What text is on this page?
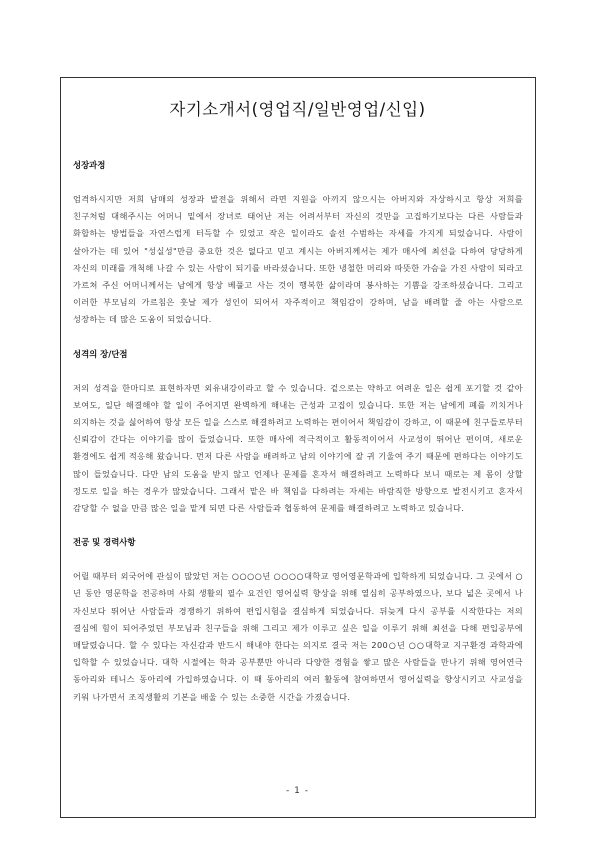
자기소개서(영업직/일반영업/신입)
성장과정

엄격하시지만 저희 남매의 성장과 발전을 위해서 라면 지원을 아끼지 않으시는 아버지와 자상하시고 항상 저희를 친구처럼 대해주시는 어머니 밑에서 장녀로 태어난 저는 어려서부터 자신의 것만을 고집하기보다는 다른 사람들과 화합하는 방법들을 자연스럽게 터득할 수 있었고 작은 일이라도 솔선 수범하는 자세를 가지게 되었습니다. 사람이 살아가는 데 있어 "성실성"만큼 중요한 것은 없다고 믿고 계시는 아버지께서는 제가 매사에 최선을 다하여 당당하게 자신의 미래를 개척해 나갈 수 있는 사람이 되기를 바라셨습니다. 또한 냉철한 머리와 따뜻한 가슴을 가진 사람이 되라고 가르쳐 주신 어머니께서는 남에게 항상 베풀고 사는 것이 행복한 삶이라며 봉사하는 기쁨을 강조하셨습니다. 그리고 이러한 부모님의 가르침은 훗날 제가 성인이 되어서 자주적이고 책임감이 강하며, 남을 배려할 줄 아는 사람으로 성장하는 데 많은 도움이 되었습니다.

성격의 장/단점

저의 성격을 한마디로 표현하자면 외유내강이라고 할 수 있습니다. 겉으로는 약하고 여려운 일은 쉽게 포기할 것 같아 보여도, 일단 해결해야 할 일이 주어지면 완벽하게 해내는 근성과 고집이 있습니다. 또한 저는 남에게 폐를 끼치거나 의지하는 것을 싫어하여 항상 모든 일을 스스로 해결하려고 노력하는 편이어서 책임감이 강하고, 이 때문에 친구들로부터 신뢰감이 간다는 이야기를 많이 들었습니다. 또한 매사에 적극적이고 활동적이어서 사교성이 뛰어난 편이며, 새로운 환경에도 쉽게 적응해 왔습니다. 먼저 다른 사람을 배려하고 남의 이야기에 잘 귀 기울여 주기 때문에 편하다는 이야기도 많이 들었습니다. 다만 남의 도움을 받지 않고 언제나 문제를 혼자서 해결하려고 노력하다 보니 때로는 제 몸이 상할 정도로 일을 하는 경우가 많았습니다. 그래서 맡은 바 책임을 다하려는 자세는 바람직한 방향으로 발전시키고 혼자서 감당할 수 없을 만큼 많은 일을 맡게 되면 다른 사람들과 협동하여 문제를 해결하려고 노력하고 있습니다.

전공 및 경력사항

어릴 때부터 외국어에 관심이 많았던 저는 ○○○○년 ○○○○대학교 영어영문학과에 입학하게 되었습니다. 그 곳에서 ○년 동안 영문학을 전공하며 사회 생활의 필수 요건인 영어실력 향상을 위해 열심히 공부하였으나, 보다 넓은 곳에서 나 자신보다 뛰어난 사람들과 경쟁하기 위하여 편입시험을 결심하게 되었습니다. 뒤늦게 다시 공부를 시작한다는 저의 결심에 힘이 되어주었던 부모님과 친구들을 위해 그리고 제가 이루고 싶은 일을 이루기 위해 최선을 다해 편입공부에 매달렸습니다. 할 수 있다는 자신감과 반드시 해내야 한다는 의지로 결국 저는 200○년 ○○대학교 지구환경 과학과에 입학할 수 있었습니다. 대학 시절에는 학과 공부뿐만 아니라 다양한 경험을 쌓고 많은 사람들을 만나기 위해 영어연극 동아리와 테니스 동아리에 가입하였습니다. 이 때 동아리의 여러 활동에 참여하면서 영어실력을 향상시키고 사교성을 키워 나가면서 조직생활의 기본을 배울 수 있는 소중한 시간을 가졌습니다.

- 1 -
